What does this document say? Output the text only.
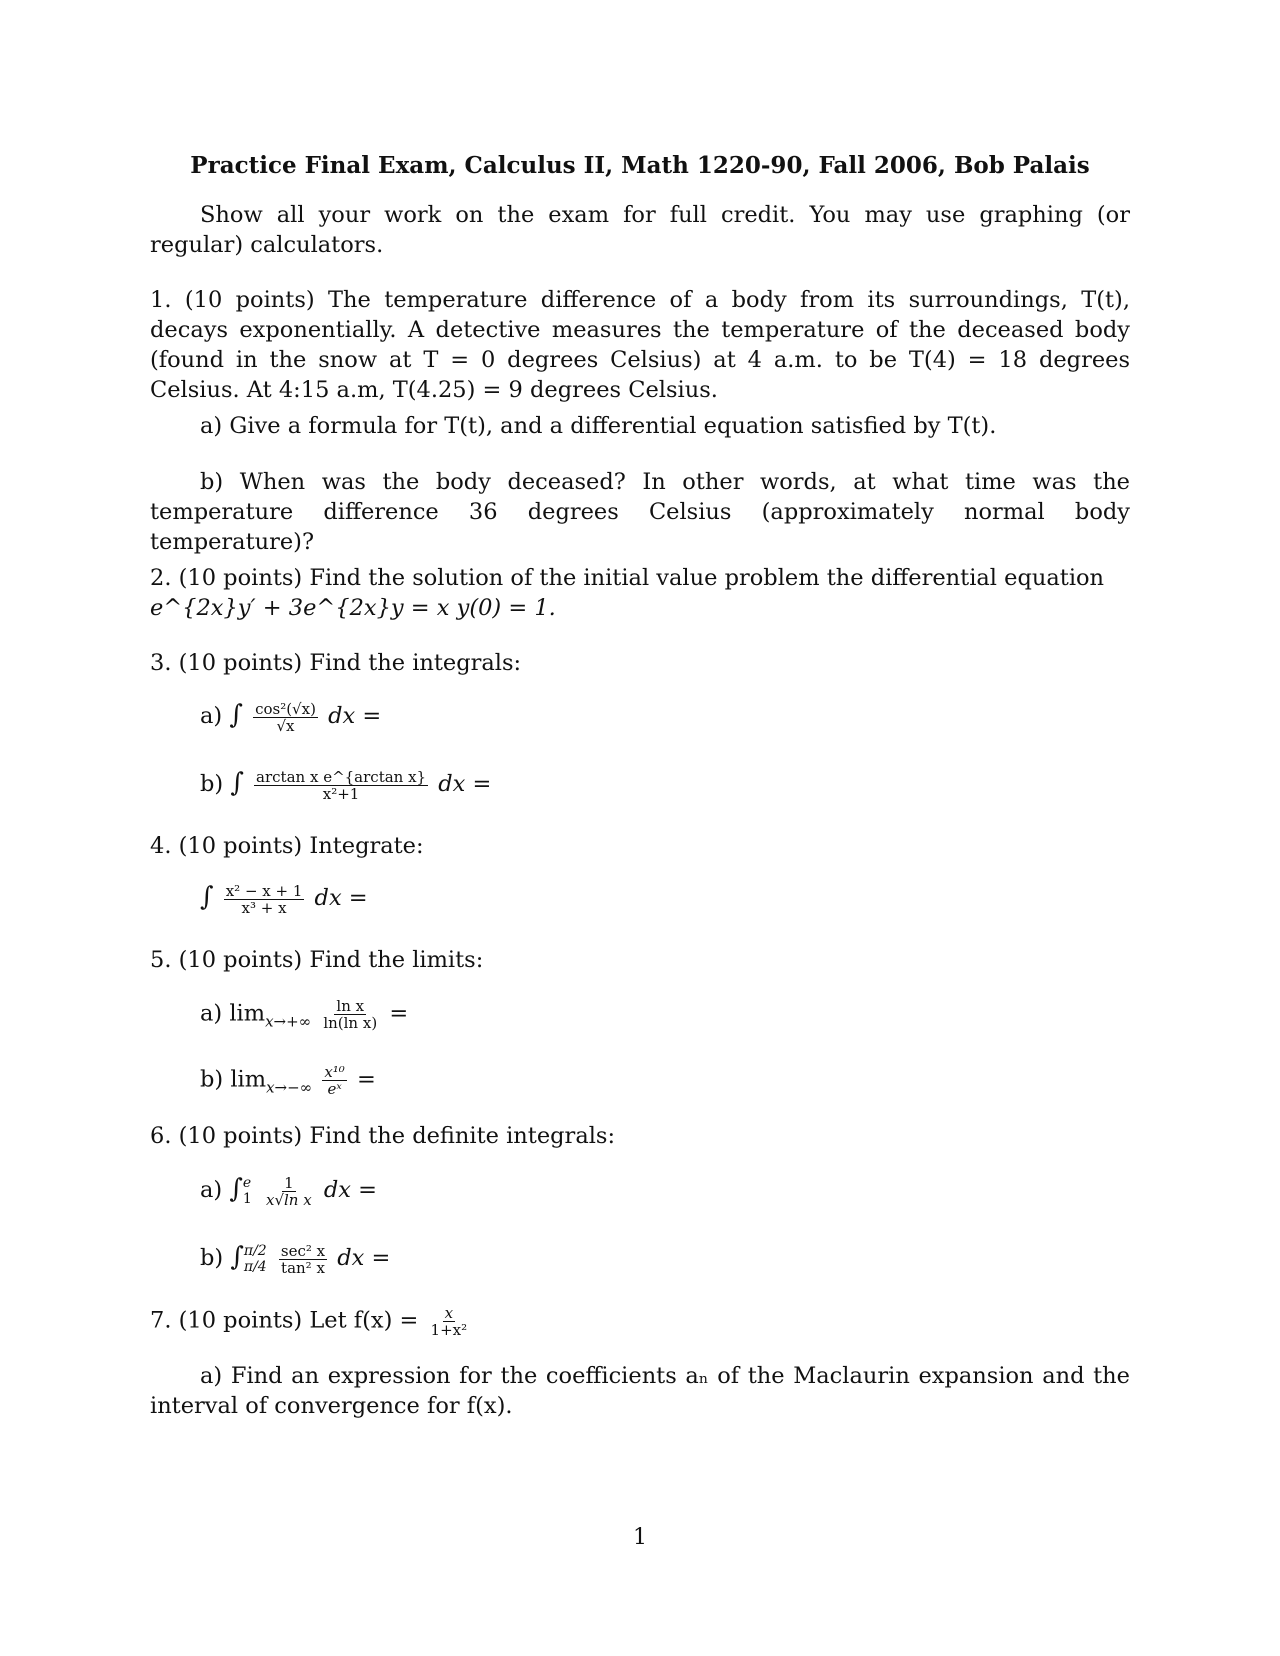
Practice Final Exam, Calculus II, Math 1220-90, Fall 2006, Bob Palais
Show all your work on the exam for full credit. You may use graphing (or regular) calculators.
1. (10 points) The temperature difference of a body from its surroundings, T(t), decays exponentially. A detective measures the temperature of the deceased body (found in the snow at T = 0 degrees Celsius) at 4 a.m. to be T(4) = 18 degrees Celsius. At 4:15 a.m, T(4.25) = 9 degrees Celsius.
a) Give a formula for T(t), and a differential equation satisfied by T(t).
b) When was the body deceased? In other words, at what time was the temperature difference 36 degrees Celsius (approximately normal body temperature)?
2. (10 points) Find the solution of the initial value problem the differential equation
e^{2x}y′ + 3e^{2x}y = x y(0) = 1.
3. (10 points) Find the integrals:
a) ∫ $\frac{\text{cos²(√x)}}{√x}$ dx =
b) ∫ $\frac{\text{arctan x e\textasciicircum{}\{arctan x\}}}{\text{x²+1}}$ dx =
4. (10 points) Integrate:
∫ $\frac{\text{x² − x + 1}}{\text{x³ + x}}$ dx =
5. (10 points) Find the limits:
a) $\lim_{x\to+\infty} \frac{\text{ln x}}{\text{ln(ln x)}}$ =
b) $\lim_{x\to-\infty} \frac{\text{x¹⁰}}{\text{eˣ}}$ =
6. (10 points) Find the definite integrals:
a) ∫ e
1
$\frac{1}{\text{x√ln x}}$ dx =
b) ∫ π/2
π/4
$\frac{\text{sec² x}}{\text{tan² x}}$ dx =
7. (10 points) Let $f(x) = \frac{x}{\text{1+x²}}$
a) Find an expression for the coefficients aₙ of the Maclaurin expansion and the interval of convergence for f(x).
1
